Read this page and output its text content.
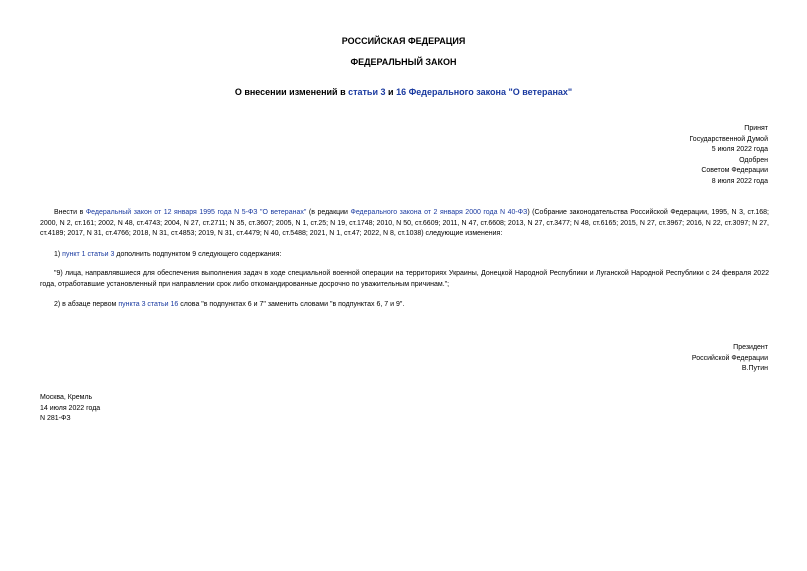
РОССИЙСКАЯ ФЕДЕРАЦИЯ
ФЕДЕРАЛЬНЫЙ ЗАКОН
О внесении изменений в статьи 3 и 16 Федерального закона "О ветеранах"
Принят
Государственной Думой
5 июля 2022 года
Одобрен
Советом Федерации
8 июля 2022 года
Внести в Федеральный закон от 12 января 1995 года N 5-ФЗ "О ветеранах" (в редакции Федерального закона от 2 января 2000 года N 40-ФЗ) (Собрание законодательства Российской Федерации, 1995, N 3, ст.168; 2000, N 2, ст.161; 2002, N 48, ст.4743; 2004, N 27, ст.2711; N 35, ст.3607; 2005, N 1, ст.25; N 19, ст.1748; 2010, N 50, ст.6609; 2011, N 47, ст.6608; 2013, N 27, ст.3477; N 48, ст.6165; 2015, N 27, ст.3967; 2016, N 22, ст.3097; N 27, ст.4189; 2017, N 31, ст.4766; 2018, N 31, ст.4853; 2019, N 31, ст.4479; N 40, ст.5488; 2021, N 1, ст.47; 2022, N 8, ст.1038) следующие изменения:
1) пункт 1 статьи 3 дополнить подпунктом 9 следующего содержания:
"9) лица, направлявшиеся для обеспечения выполнения задач в ходе специальной военной операции на территориях Украины, Донецкой Народной Республики и Луганской Народной Республики с 24 февраля 2022 года, отработавшие установленный при направлении срок либо откомандированные досрочно по уважительным причинам.";
2) в абзаце первом пункта 3 статьи 16 слова "в подпунктах 6 и 7" заменить словами "в подпунктах 6, 7 и 9".
Президент
Российской Федерации
В.Путин
Москва, Кремль
14 июля 2022 года
N 281-ФЗ
